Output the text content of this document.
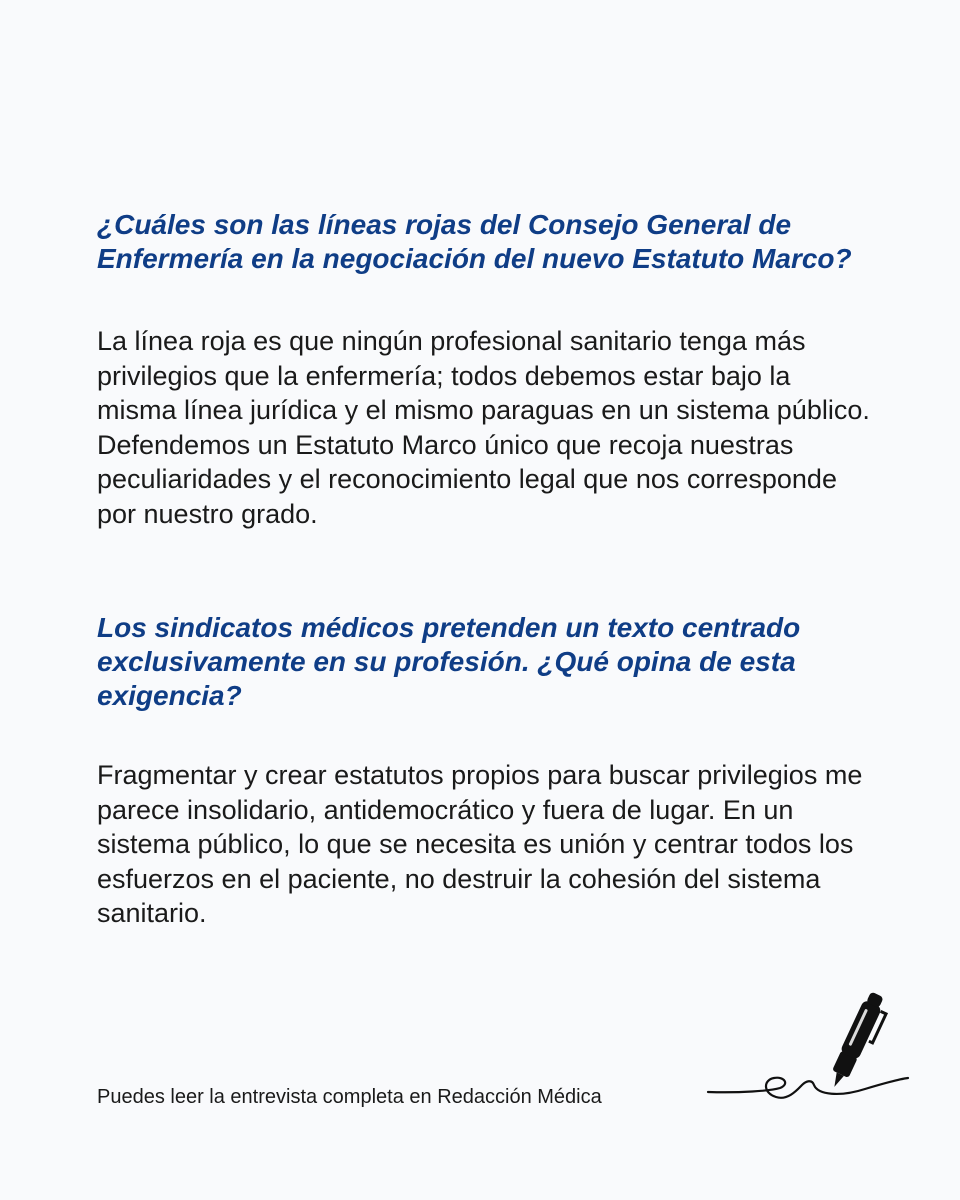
¿Cuáles son las líneas rojas del Consejo General de Enfermería en la negociación del nuevo Estatuto Marco?

La línea roja es que ningún profesional sanitario tenga más privilegios que la enfermería; todos debemos estar bajo la misma línea jurídica y el mismo paraguas en un sistema público. Defendemos un Estatuto Marco único que recoja nuestras peculiaridades y el reconocimiento legal que nos corresponde por nuestro grado.

Los sindicatos médicos pretenden un texto centrado exclusivamente en su profesión. ¿Qué opina de esta exigencia?

Fragmentar y crear estatutos propios para buscar privilegios me parece insolidario, antidemocrático y fuera de lugar. En un sistema público, lo que se necesita es unión y centrar todos los esfuerzos en el paciente, no destruir la cohesión del sistema sanitario.

Puedes leer la entrevista completa en Redacción Médica
